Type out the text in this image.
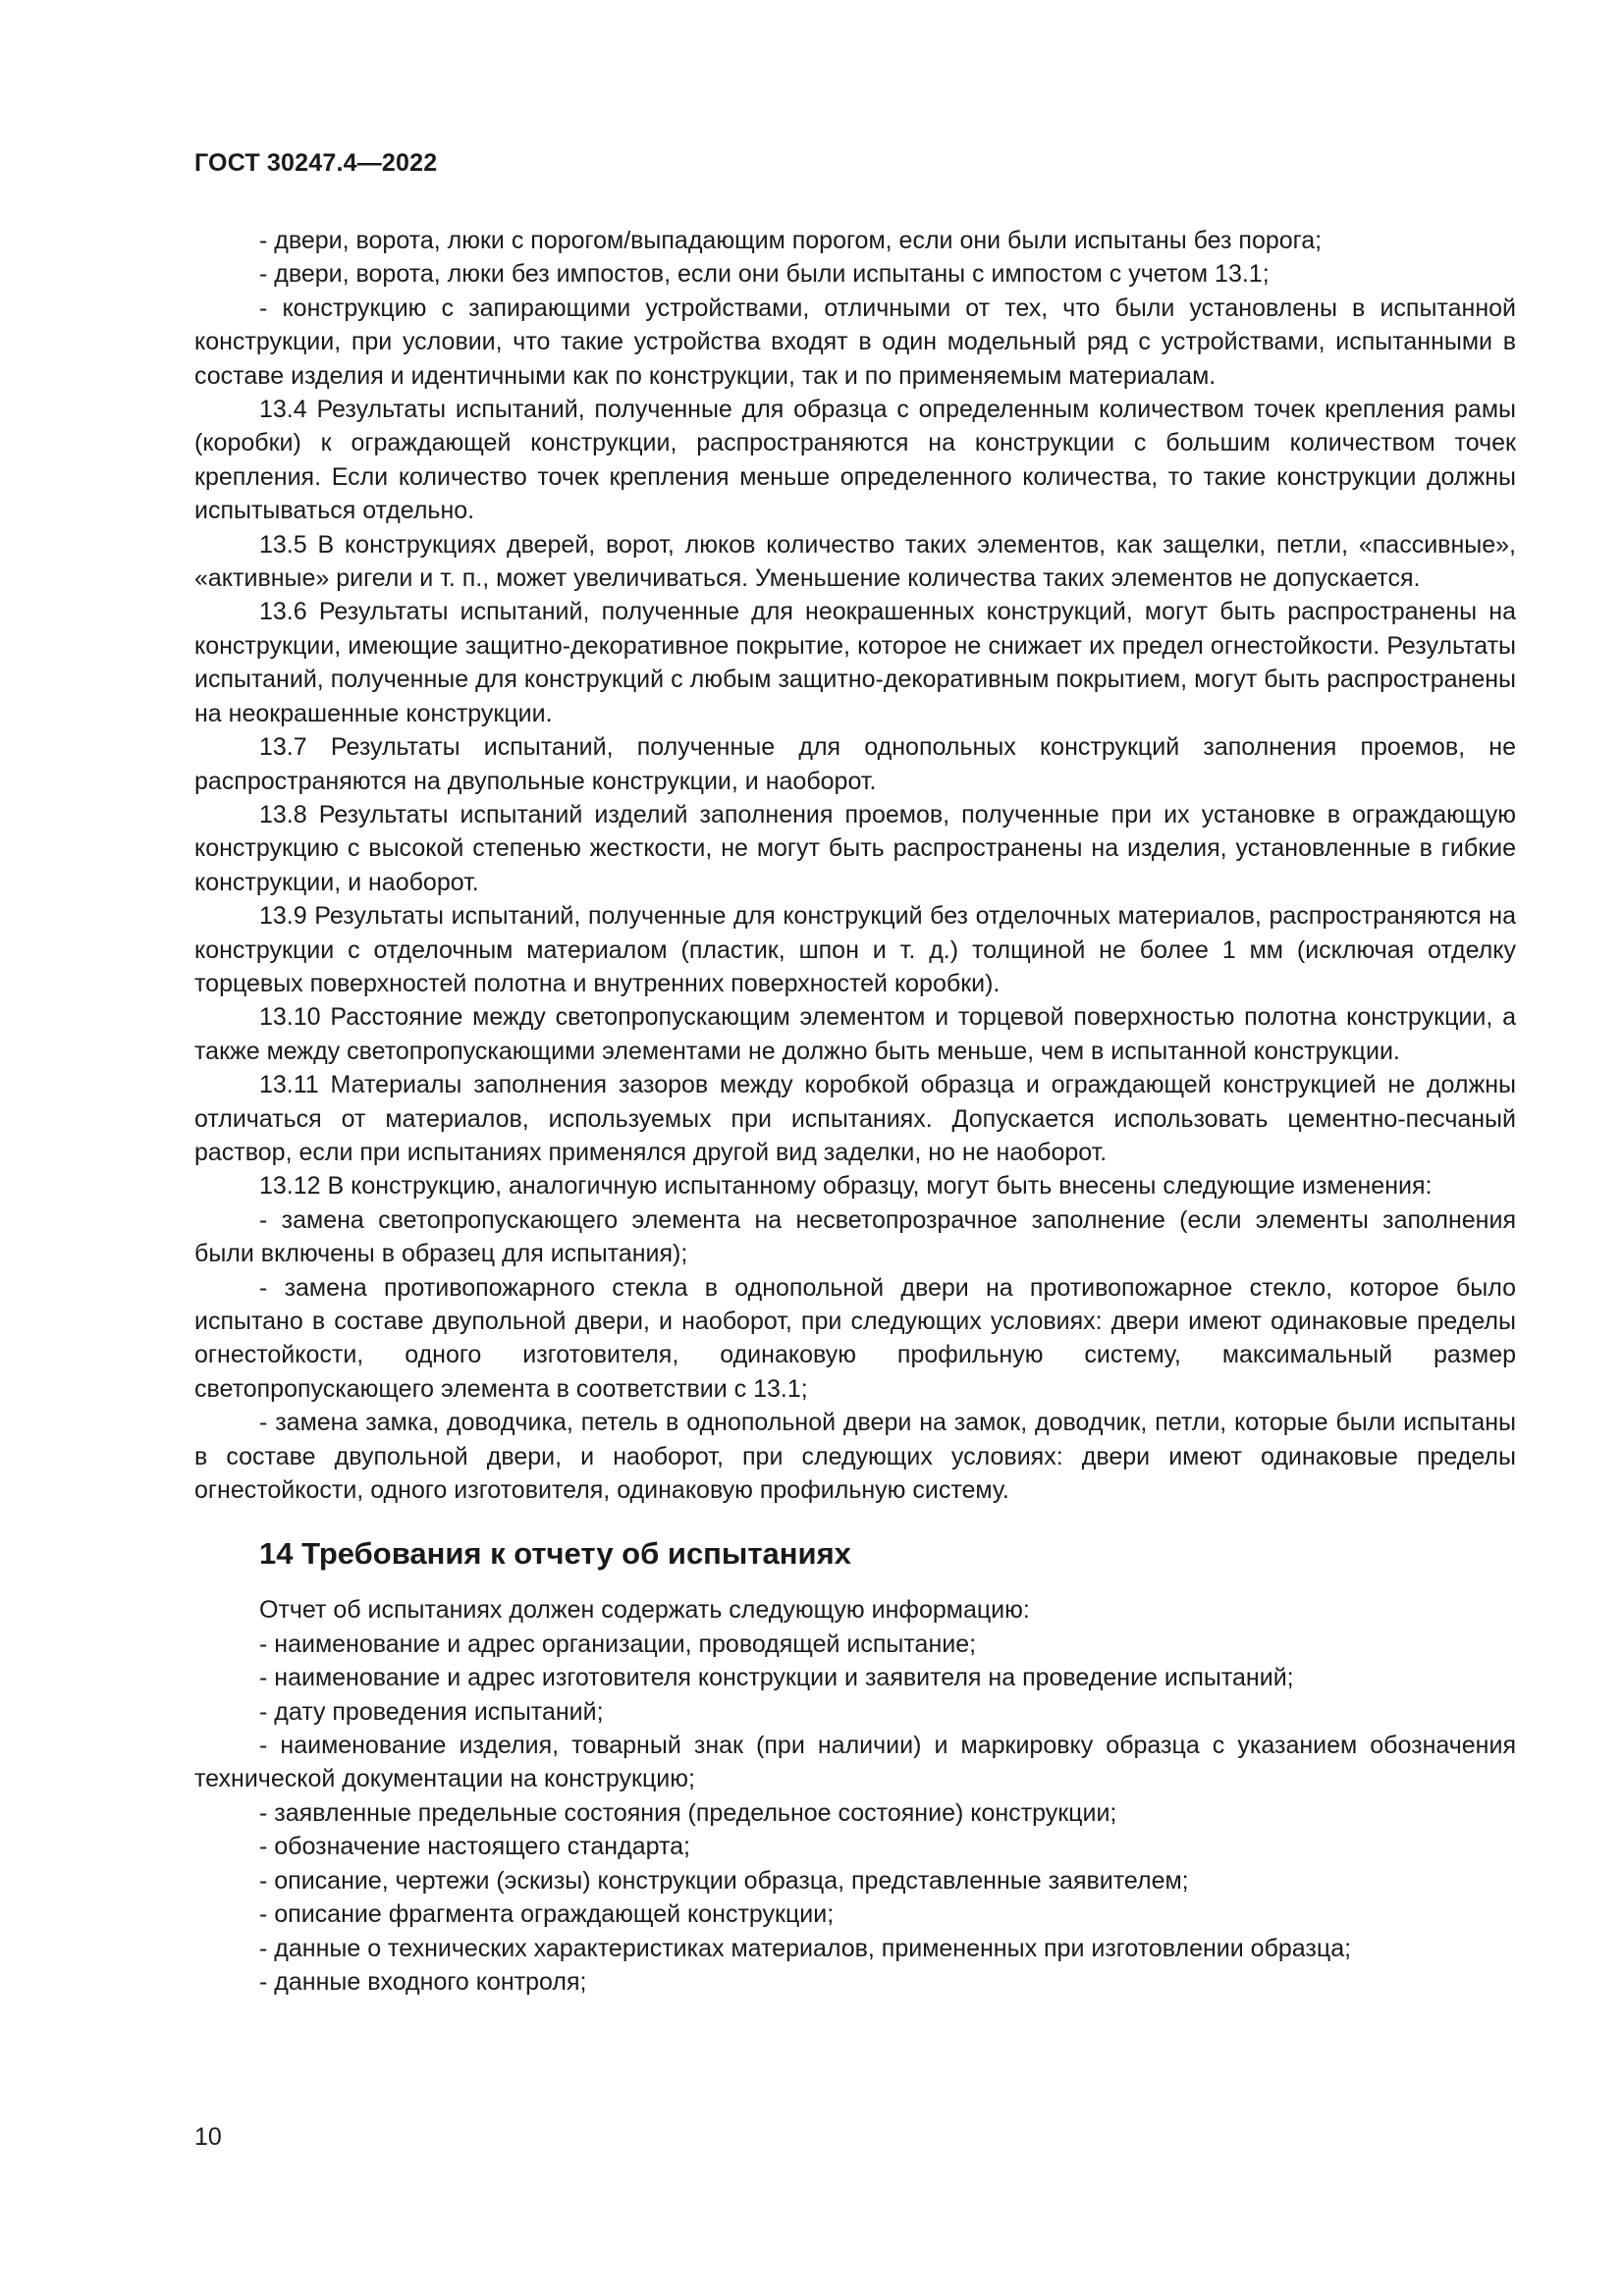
ГОСТ 30247.4—2022

- двери, ворота, люки с порогом/выпадающим порогом, если они были испытаны без порога;

- двери, ворота, люки без импостов, если они были испытаны с импостом с учетом 13.1;

- конструкцию с запирающими устройствами, отличными от тех, что были установлены в испытанной конструкции, при условии, что такие устройства входят в один модельный ряд с устройствами, испытанными в составе изделия и идентичными как по конструкции, так и по применяемым материалам.

13.4 Результаты испытаний, полученные для образца с определенным количеством точек крепления рамы (коробки) к ограждающей конструкции, распространяются на конструкции с большим количеством точек крепления. Если количество точек крепления меньше определенного количества, то такие конструкции должны испытываться отдельно.

13.5 В конструкциях дверей, ворот, люков количество таких элементов, как защелки, петли, «пассивные», «активные» ригели и т. п., может увеличиваться. Уменьшение количества таких элементов не допускается.

13.6 Результаты испытаний, полученные для неокрашенных конструкций, могут быть распространены на конструкции, имеющие защитно-декоративное покрытие, которое не снижает их предел огнестойкости. Результаты испытаний, полученные для конструкций с любым защитно-декоративным покрытием, могут быть распространены на неокрашенные конструкции.

13.7 Результаты испытаний, полученные для однопольных конструкций заполнения проемов, не распространяются на двупольные конструкции, и наоборот.

13.8 Результаты испытаний изделий заполнения проемов, полученные при их установке в ограждающую конструкцию с высокой степенью жесткости, не могут быть распространены на изделия, установленные в гибкие конструкции, и наоборот.

13.9 Результаты испытаний, полученные для конструкций без отделочных материалов, распространяются на конструкции с отделочным материалом (пластик, шпон и т. д.) толщиной не более 1 мм (исключая отделку торцевых поверхностей полотна и внутренних поверхностей коробки).

13.10 Расстояние между светопропускающим элементом и торцевой поверхностью полотна конструкции, а также между светопропускающими элементами не должно быть меньше, чем в испытанной конструкции.

13.11 Материалы заполнения зазоров между коробкой образца и ограждающей конструкцией не должны отличаться от материалов, используемых при испытаниях. Допускается использовать цементно-песчаный раствор, если при испытаниях применялся другой вид заделки, но не наоборот.

13.12 В конструкцию, аналогичную испытанному образцу, могут быть внесены следующие изменения:

- замена светопропускающего элемента на несветопрозрачное заполнение (если элементы заполнения были включены в образец для испытания);

- замена противопожарного стекла в однопольной двери на противопожарное стекло, которое было испытано в составе двупольной двери, и наоборот, при следующих условиях: двери имеют одинаковые пределы огнестойкости, одного изготовителя, одинаковую профильную систему, максимальный размер светопропускающего элемента в соответствии с 13.1;

- замена замка, доводчика, петель в однопольной двери на замок, доводчик, петли, которые были испытаны в составе двупольной двери, и наоборот, при следующих условиях: двери имеют одинаковые пределы огнестойкости, одного изготовителя, одинаковую профильную систему.

14 Требования к отчету об испытаниях

Отчет об испытаниях должен содержать следующую информацию:

- наименование и адрес организации, проводящей испытание;

- наименование и адрес изготовителя конструкции и заявителя на проведение испытаний;

- дату проведения испытаний;

- наименование изделия, товарный знак (при наличии) и маркировку образца с указанием обозначения технической документации на конструкцию;

- заявленные предельные состояния (предельное состояние) конструкции;

- обозначение настоящего стандарта;

- описание, чертежи (эскизы) конструкции образца, представленные заявителем;

- описание фрагмента ограждающей конструкции;

- данные о технических характеристиках материалов, примененных при изготовлении образца;

- данные входного контроля;

10
